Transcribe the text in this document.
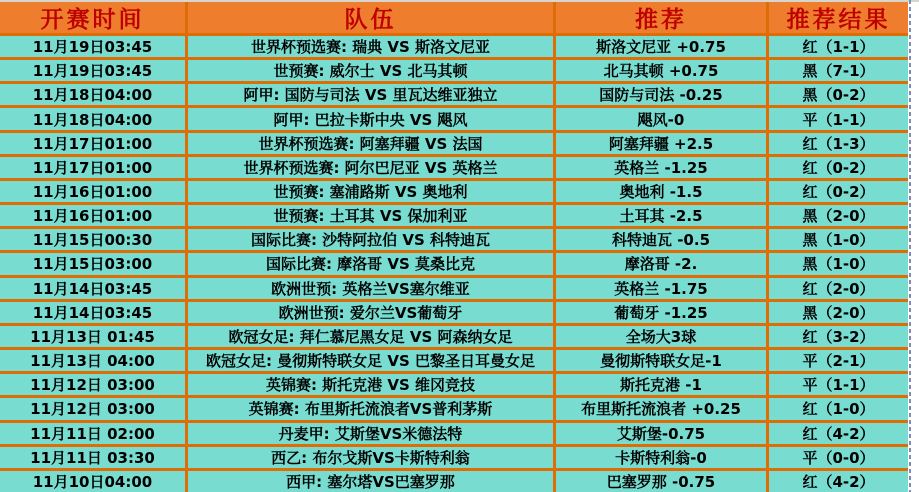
开赛时间	队伍	推荐	推荐结果
11月19日03:45	世界杯预选赛: 瑞典 VS 斯洛文尼亚	斯洛文尼亚 +0.75	红（1-1）
11月19日03:45	世预赛: 威尔士 VS 北马其顿	北马其顿 +0.75	黑（7-1）
11月18日04:00	阿甲: 国防与司法 VS 里瓦达维亚独立	国防与司法 -0.25	黑（0-2）
11月18日04:00	阿甲: 巴拉卡斯中央 VS 飓风	飓风-0	平（1-1）
11月17日01:00	世界杯预选赛: 阿塞拜疆 VS 法国	阿塞拜疆 +2.5	红（1-3）
11月17日01:00	世界杯预选赛: 阿尔巴尼亚 VS 英格兰	英格兰 -1.25	红（0-2）
11月16日01:00	世预赛: 塞浦路斯 VS 奥地利	奥地利 -1.5	红（0-2）
11月16日01:00	世预赛: 土耳其 VS 保加利亚	土耳其 -2.5	黑（2-0）
11月15日00:30	国际比赛: 沙特阿拉伯 VS 科特迪瓦	科特迪瓦 -0.5	黑（1-0）
11月15日03:00	国际比赛: 摩洛哥 VS 莫桑比克	摩洛哥 -2.	黑（1-0）
11月14日03:45	欧洲世预: 英格兰VS塞尔维亚	英格兰 -1.75	红（2-0）
11月14日03:45	欧洲世预: 爱尔兰VS葡萄牙	葡萄牙 -1.25	黑（2-0）
11月13日 01:45	欧冠女足: 拜仁慕尼黑女足 VS 阿森纳女足	全场大3球	红（3-2）
11月13日 04:00	欧冠女足: 曼彻斯特联女足 VS 巴黎圣日耳曼女足	曼彻斯特联女足-1	平（2-1）
11月12日 03:00	英锦赛: 斯托克港 VS 维冈竞技	斯托克港 -1	平（1-1）
11月12日 03:00	英锦赛: 布里斯托流浪者VS普利茅斯	布里斯托流浪者 +0.25	红（1-0）
11月11日 02:00	丹麦甲: 艾斯堡VS米德法特	艾斯堡-0.75	红（4-2）
11月11日 03:30	西乙: 布尔戈斯VS卡斯特利翁	卡斯特利翁-0	平（0-0）
11月10日04:00	西甲: 塞尔塔VS巴塞罗那	巴塞罗那 -0.75	红（4-2）
